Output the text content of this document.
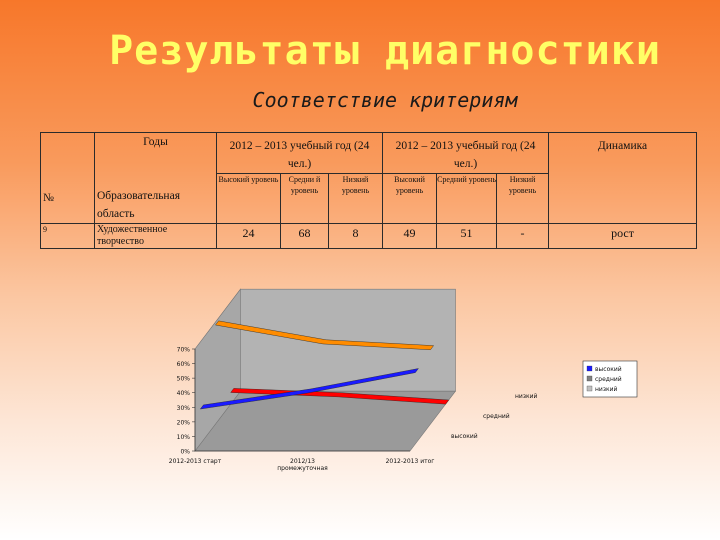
Результаты диагностики
Соответствие критериям
	Годы	2012 – 2013 учебный год (24 чел.)			2012 – 2013 учебный год (24 чел.)			Динамика
№	Образовательная область	Высокий уровень	Средни й уровень	Низкий уровень	Высокий уровень	Средний уровень	Низкий уровень	
9	Художественное творчество	24	68	8	49	51	-	рост
0%
10%
20%
30%
40%
50%
60%
70%
2012-2013 старт	2012/13 промежуточная
2012-2013 итог
низкий
средний
высокий
высокий
средний
низкий
